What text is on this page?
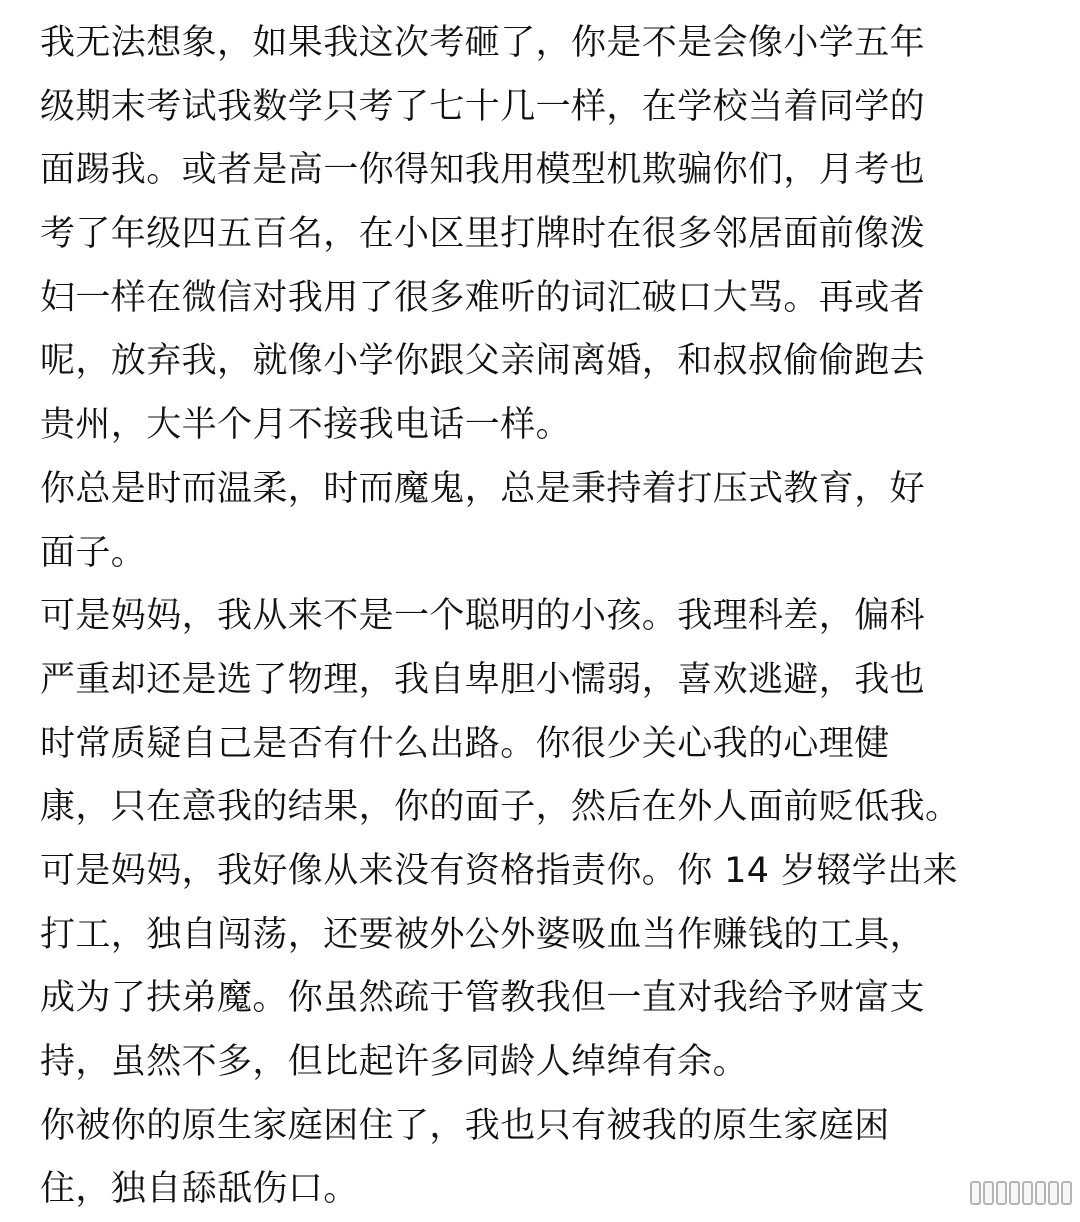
我无法想象，如果我这次考砸了，你是不是会像小学五年
级期末考试我数学只考了七十几一样，在学校当着同学的
面踢我。或者是高一你得知我用模型机欺骗你们，月考也
考了年级四五百名，在小区里打牌时在很多邻居面前像泼
妇一样在微信对我用了很多难听的词汇破口大骂。再或者
呢，放弃我，就像小学你跟父亲闹离婚，和叔叔偷偷跑去
贵州，大半个月不接我电话一样。
你总是时而温柔，时而魔鬼，总是秉持着打压式教育，好
面子。
可是妈妈，我从来不是一个聪明的小孩。我理科差，偏科
严重却还是选了物理，我自卑胆小懦弱，喜欢逃避，我也
时常质疑自己是否有什么出路。你很少关心我的心理健
康，只在意我的结果，你的面子，然后在外人面前贬低我。
可是妈妈，我好像从来没有资格指责你。你 14 岁辍学出来
打工，独自闯荡，还要被外公外婆吸血当作赚钱的工具，
成为了扶弟魔。你虽然疏于管教我但一直对我给予财富支
持，虽然不多，但比起许多同龄人绰绰有余。
你被你的原生家庭困住了，我也只有被我的原生家庭困
住，独自舔舐伤口。
